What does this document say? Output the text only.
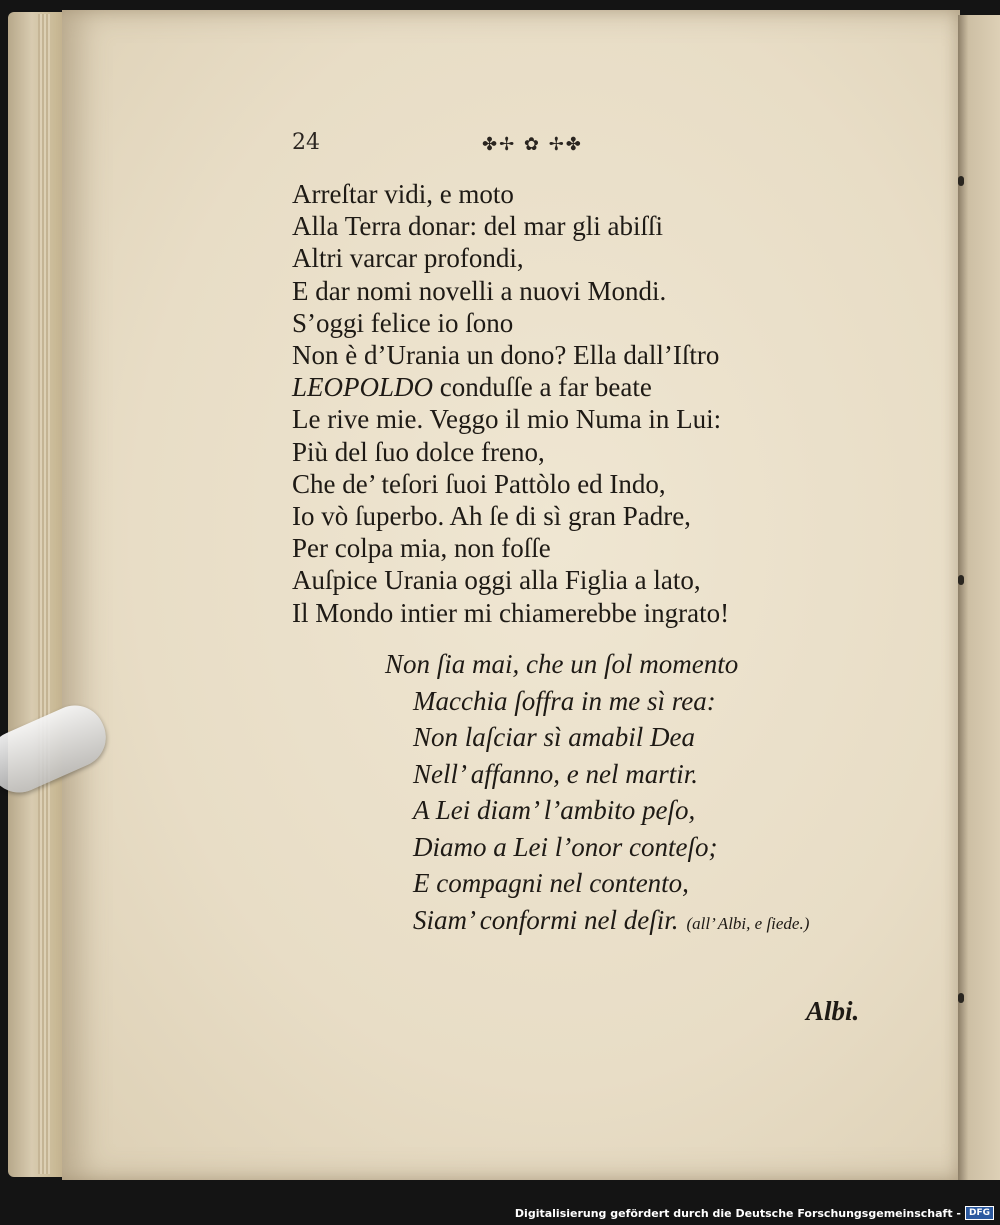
24	✤✢ ✿ ✢✤
Arreſtar vidi, e moto
Alla Terra donar: del mar gli abiſſi
Altri varcar profondi,
E dar nomi novelli a nuovi Mondi.
S’oggi felice io ſono
Non è d’Urania un dono? Ella dall’Iſtro
LEOPOLDO conduſſe a far beate
Le rive mie. Veggo il mio Numa in Lui:
Più del ſuo dolce freno,
Che de’ teſori ſuoi Pattòlo ed Indo,
Io vò ſuperbo. Ah ſe di sì gran Padre,
Per colpa mia, non foſſe
Auſpice Urania oggi alla Figlia a lato,
Il Mondo intier mi chiamerebbe ingrato!
Non ſia mai, che un ſol momento
Macchia ſoffra in me sì rea:
Non laſciar sì amabil Dea
Nell’ affanno, e nel martir.
A Lei diam’ l’ambito peſo,
Diamo a Lei l’onor conteſo;
E compagni nel contento,
Siam’ conformi nel deſir. (all’ Albi, e ſiede.)
Albi.
Digitalisierung gefördert durch die Deutsche Forschungsgemeinschaft - DFG
